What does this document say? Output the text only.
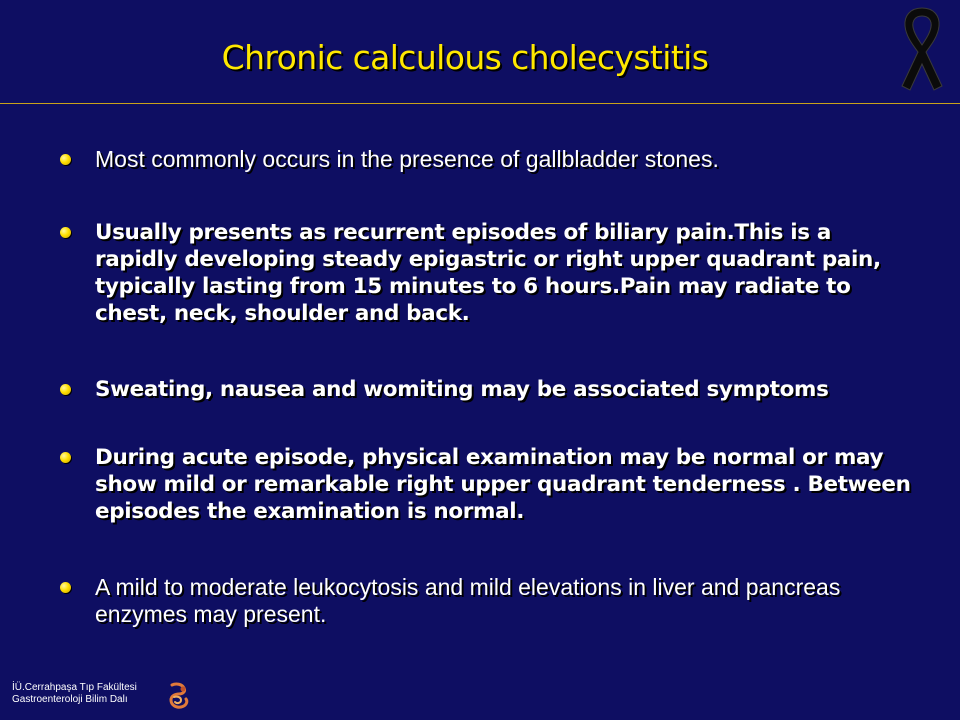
Chronic calculous cholecystitis
Most commonly occurs in the presence of gallbladder stones.
Usually presents as recurrent episodes of biliary pain.This is a rapidly developing steady epigastric or right upper quadrant pain, typically lasting from 15 minutes to 6 hours.Pain may radiate to chest, neck, shoulder and back.
Sweating, nausea and womiting may be associated symptoms
During acute episode, physical examination may be normal or may show mild or remarkable right upper quadrant tenderness . Between episodes the examination is normal.
A mild to moderate leukocytosis and mild elevations in liver and pancreas enzymes may present.
İÜ.Cerrahpaşa Tıp Fakültesi
Gastroenteroloji Bilim Dalı
